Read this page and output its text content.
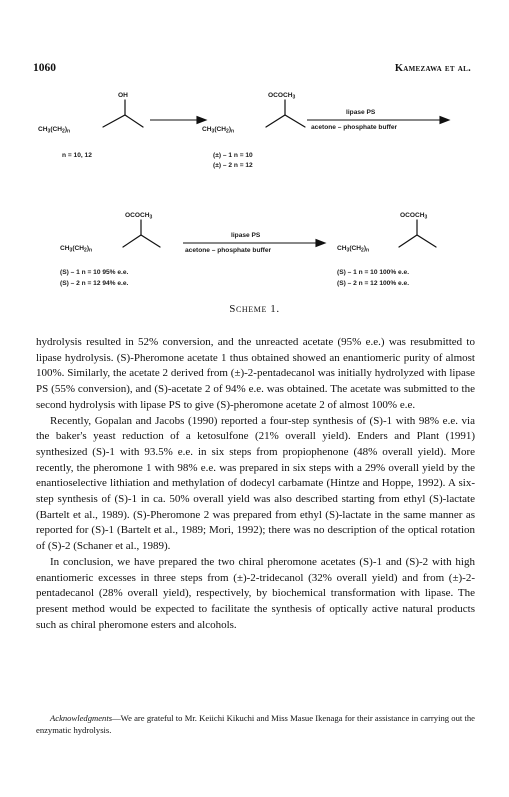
1060	Kamezawa et al.
OH
$CH_3(CH_2)_n$
n = 10, 12
$OCOCH_3$
$CH_3(CH_2)_n$
(±) – 1 n = 10
(±) – 2 n = 12
lipase PS
acetone – phosphate buffer
$OCOCH_3$
$CH_3(CH_2)_n$
(S) – 1 n = 10 95% e.e.
(S) – 2 n = 12 94% e.e.
lipase PS
acetone – phosphate buffer
$OCOCH_3$
$CH_3(CH_2)_n$
(S) – 1 n = 10 100% e.e.
(S) – 2 n = 12 100% e.e.
Scheme 1.

hydrolysis resulted in 52% conversion, and the unreacted acetate (95% e.e.) was resubmitted to lipase hydrolysis. (S)-Pheromone acetate 1 thus obtained showed an enantiomeric purity of almost 100%. Similarly, the acetate 2 derived from (±)-2-pentadecanol was initially hydrolyzed with lipase PS (55% conversion), and (S)-acetate 2 of 94% e.e. was obtained. The acetate was submitted to the second hydrolysis with lipase PS to give (S)-pheromone acetate 2 of almost 100% e.e.

Recently, Gopalan and Jacobs (1990) reported a four-step synthesis of (S)-1 with 98% e.e. via the baker's yeast reduction of a ketosulfone (21% overall yield). Enders and Plant (1991) synthesized (S)-1 with 93.5% e.e. in six steps from propiophenone (48% overall yield). More recently, the pheromone 1 with 98% e.e. was prepared in six steps with a 29% overall yield by the enantioselective lithiation and methylation of dodecyl carbamate (Hintze and Hoppe, 1992). A six-step synthesis of (S)-1 in ca. 50% overall yield was also described starting from ethyl (S)-lactate (Bartelt et al., 1989). (S)-Pheromone 2 was prepared from ethyl (S)-lactate in the same manner as reported for (S)-1 (Bartelt et al., 1989; Mori, 1992); there was no description of the optical rotation of (S)-2 (Schaner et al., 1989).

In conclusion, we have prepared the two chiral pheromone acetates (S)-1 and (S)-2 with high enantiomeric excesses in three steps from (±)-2-tridecanol (32% overall yield) and from (±)-2-pentadecanol (28% overall yield), respectively, by biochemical transformation with lipase. The present method would be expected to facilitate the synthesis of optically active natural products such as chiral pheromone esters and alcohols.

Acknowledgments—We are grateful to Mr. Keiichi Kikuchi and Miss Masue Ikenaga for their assistance in carrying out the enzymatic hydrolysis.
